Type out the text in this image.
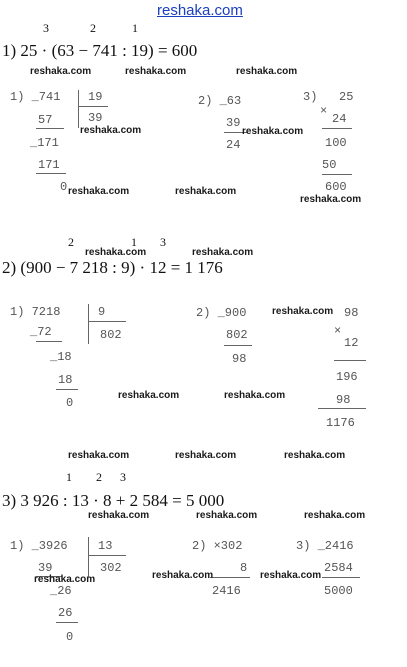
reshaka.com
3	2	1
1) 25 · (63 − 741 : 19) = 600
reshaka.com	reshaka.com	reshaka.com
1) _741
57
_171
171
0
19
39
reshaka.com
2) _63
39
24
reshaka.com
3)   25
×
24
100
50
600
reshaka.com	reshaka.com
reshaka.com
2	1 3
reshaka.com	reshaka.com
2) (900 − 7 218 : 9) · 12 = 1 176
1) 7218
_72
_18
18
0
9
802
2) _900
802
98
reshaka.com 98
×
12
196
98
1176
reshaka.com	reshaka.com
reshaka.com	reshaka.com	reshaka.com
1 2 3
3) 3 926 : 13 · 8 + 2 584 = 5 000
reshaka.com	reshaka.com	reshaka.com
1) _3926
39
_26
26
0
13
302
reshaka.com
2) ×302
8
2416
reshaka.com
3) _2416
2584
5000
reshaka.com
